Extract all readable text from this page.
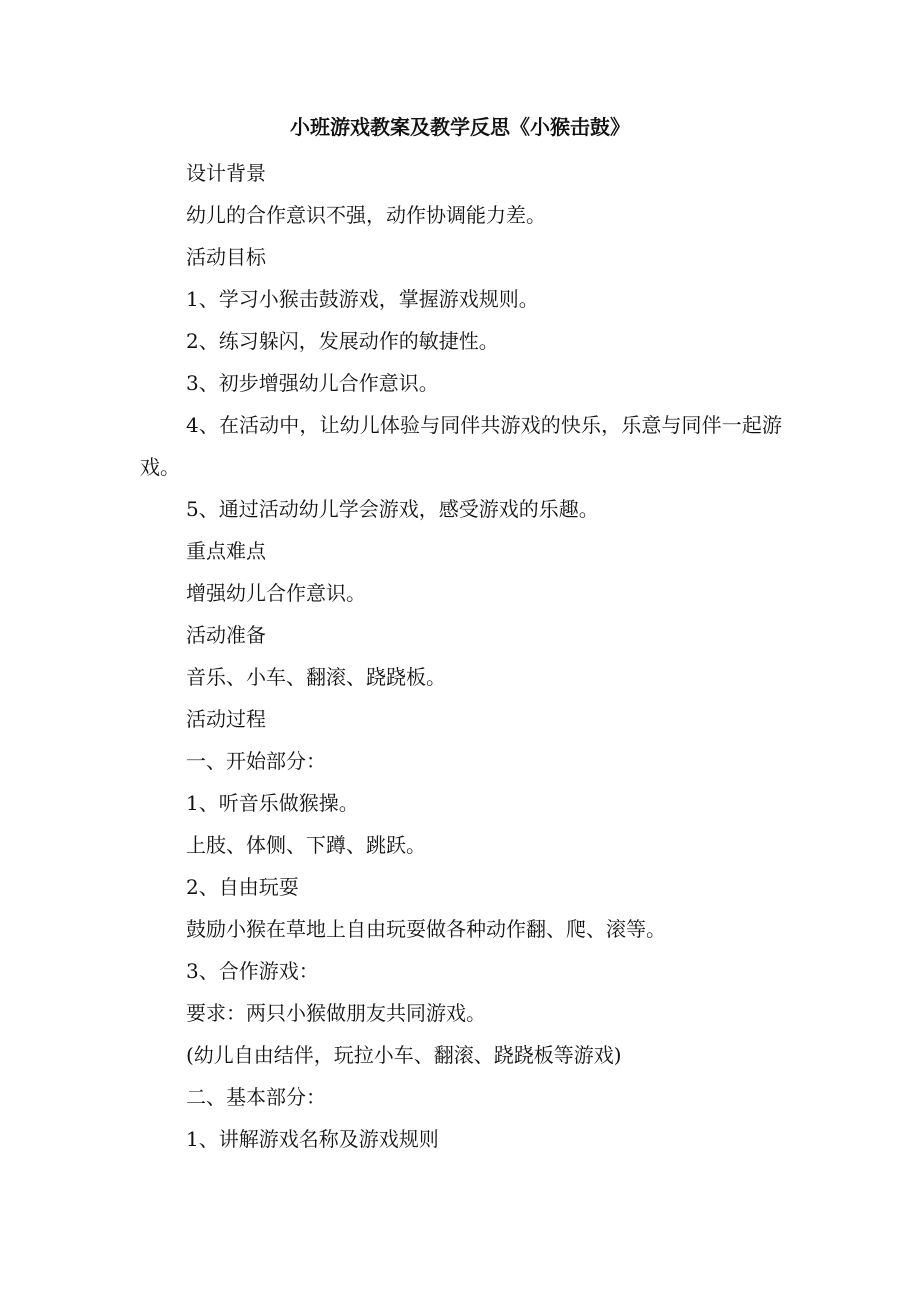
小班游戏教案及教学反思《小猴击鼓》

设计背景

幼儿的合作意识不强，动作协调能力差。

活动目标

1、学习小猴击鼓游戏，掌握游戏规则。

2、练习躲闪，发展动作的敏捷性。

3、初步增强幼儿合作意识。

4、在活动中，让幼儿体验与同伴共游戏的快乐，乐意与同伴一起游戏。

5、通过活动幼儿学会游戏，感受游戏的乐趣。

重点难点

增强幼儿合作意识。

活动准备

音乐、小车、翻滚、跷跷板。

活动过程

一、开始部分：

1、听音乐做猴操。

上肢、体侧、下蹲、跳跃。

2、自由玩耍

鼓励小猴在草地上自由玩耍做各种动作翻、爬、滚等。

3、合作游戏：

要求：两只小猴做朋友共同游戏。

(幼儿自由结伴，玩拉小车、翻滚、跷跷板等游戏)

二、基本部分：

1、讲解游戏名称及游戏规则
